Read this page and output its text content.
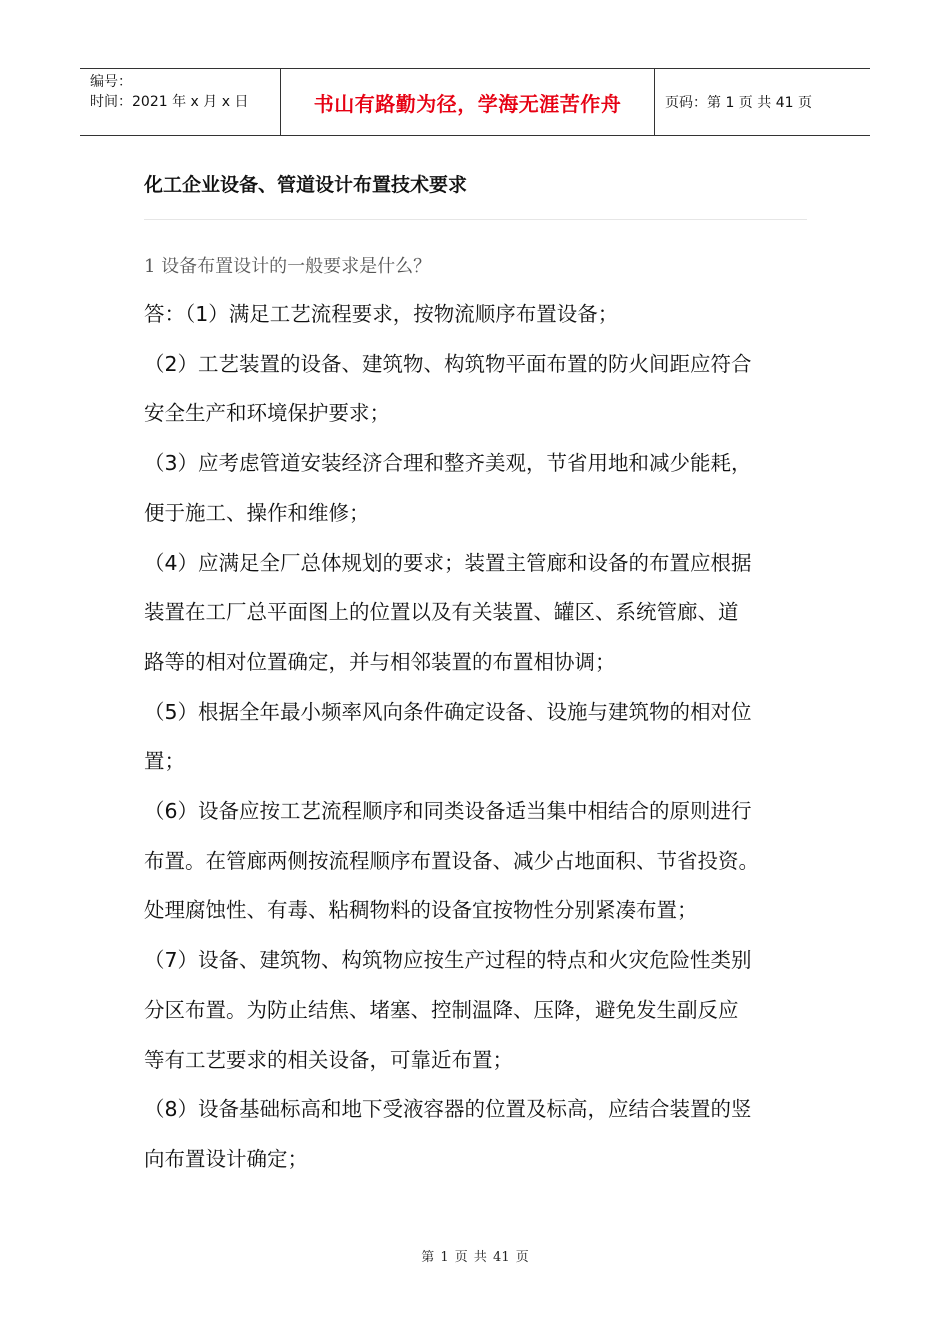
编号：
时间：2021 年 x 月 x 日	书山有路勤为径，学海无涯苦作舟	页码：第 1 页 共 41 页
化工企业设备、管道设计布置技术要求
1 设备布置设计的一般要求是什么？

答：（1）满足工艺流程要求，按物流顺序布置设备；

（2）工艺装置的设备、建筑物、构筑物平面布置的防火间距应符合

安全生产和环境保护要求；

（3）应考虑管道安装经济合理和整齐美观，节省用地和减少能耗，

便于施工、操作和维修；

（4）应满足全厂总体规划的要求；装置主管廊和设备的布置应根据

装置在工厂总平面图上的位置以及有关装置、罐区、系统管廊、道

路等的相对位置确定，并与相邻装置的布置相协调；

（5）根据全年最小频率风向条件确定设备、设施与建筑物的相对位

置；

（6）设备应按工艺流程顺序和同类设备适当集中相结合的原则进行

布置。在管廊两侧按流程顺序布置设备、减少占地面积、节省投资。

处理腐蚀性、有毒、粘稠物料的设备宜按物性分别紧凑布置；

（7）设备、建筑物、构筑物应按生产过程的特点和火灾危险性类别

分区布置。为防止结焦、堵塞、控制温降、压降，避免发生副反应

等有工艺要求的相关设备，可靠近布置；

（8）设备基础标高和地下受液容器的位置及标高，应结合装置的竖

向布置设计确定；

第 1 页 共 41 页
